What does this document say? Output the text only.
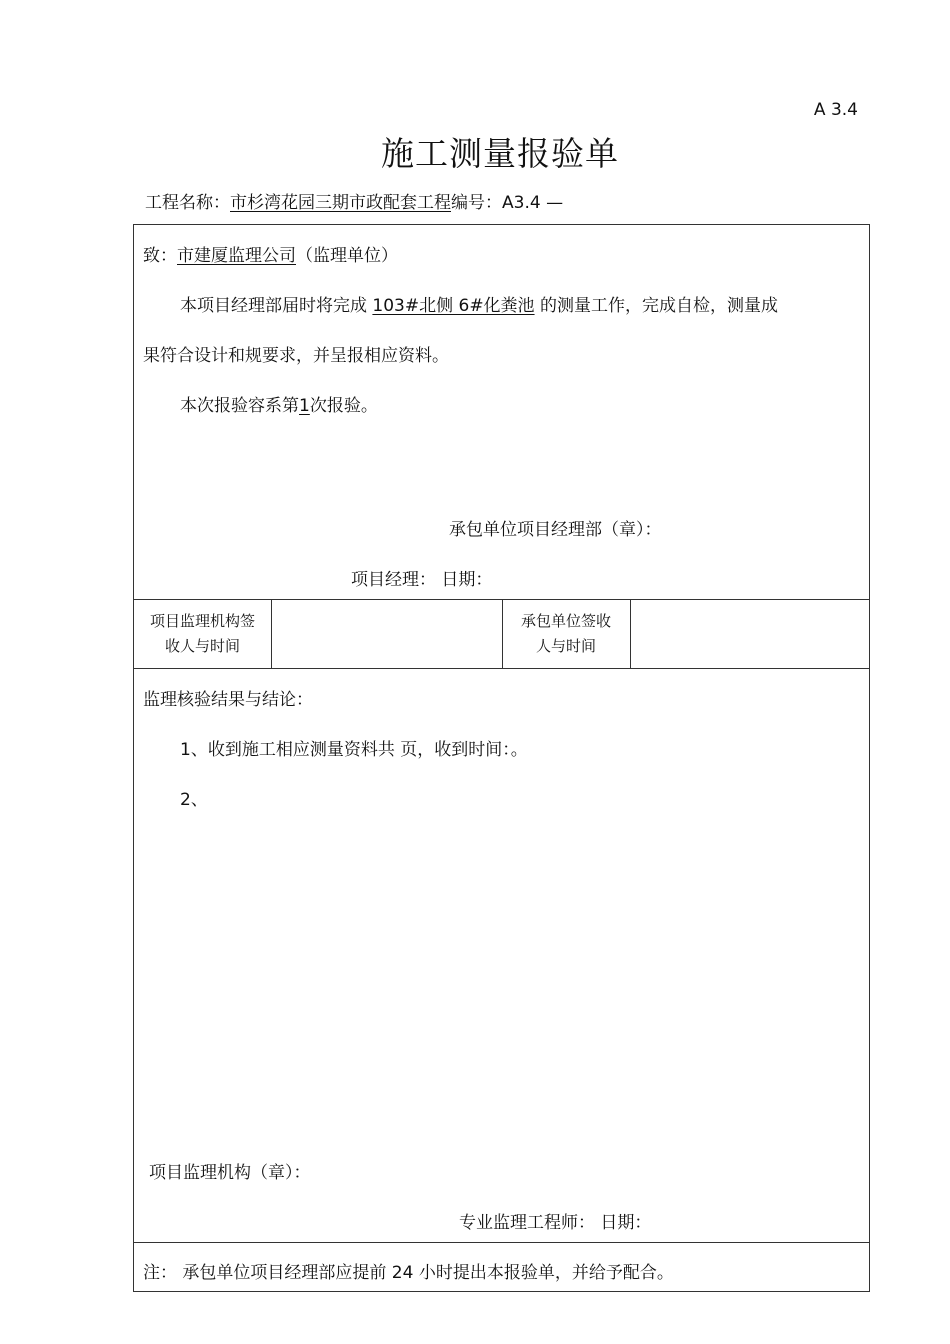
A 3.4
施工测量报验单
工程名称：市杉湾花园三期市政配套工程编号：A3.4 —
致：市建厦监理公司（监理单位）
本项目经理部届时将完成 103#北侧 6#化粪池 的测量工作，完成自检，测量成
果符合设计和规要求，并呈报相应资料。
本次报验容系第1次报验。
承包单位项目经理部（章）：
项目经理： 日期：
项目监理机构签
收人与时间
承包单位签收
人与时间
监理核验结果与结论：
1、收到施工相应测量资料共 页，收到时间：。
2、
项目监理机构（章）：
专业监理工程师： 日期：
注： 承包单位项目经理部应提前 24 小时提出本报验单，并给予配合。
